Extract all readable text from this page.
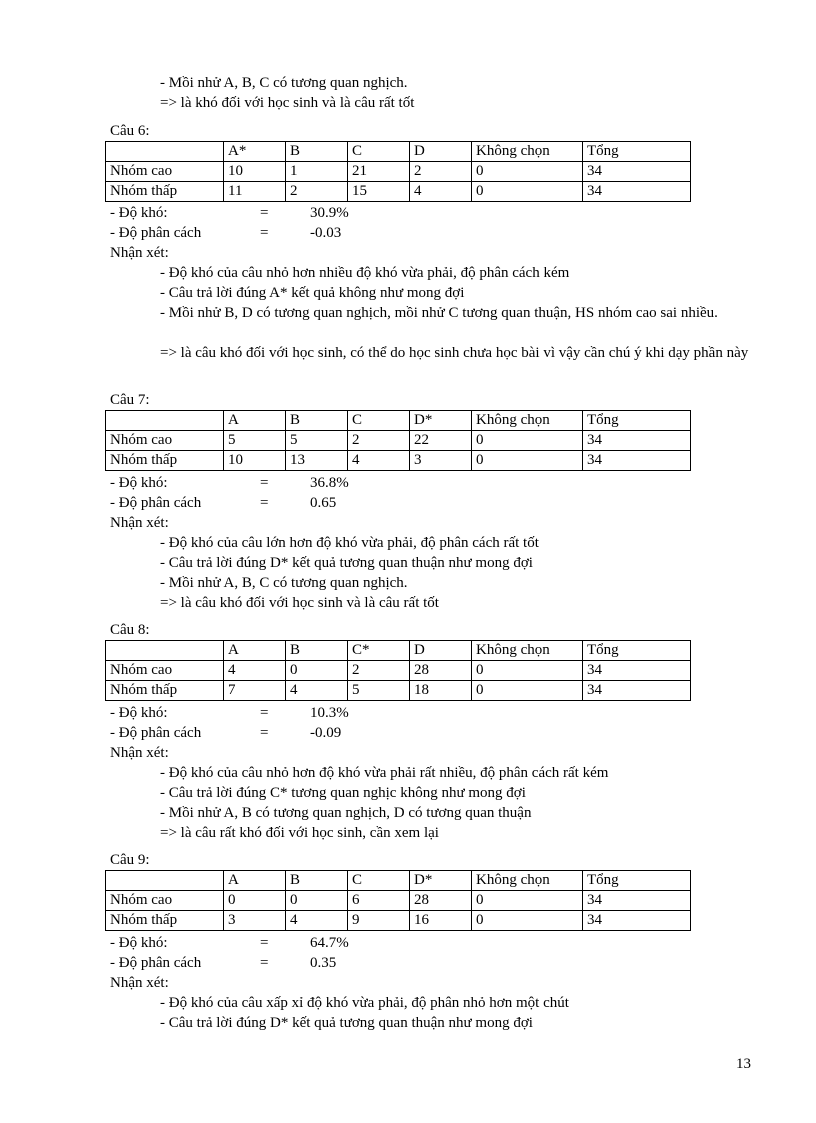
- Mồi nhử A, B, C có tương quan nghịch.
=> là khó đối với học sinh và là câu rất tốt
Câu 6:
	A*	B	C	D	Không chọn	Tổng
Nhóm cao	10	1	21	2	0	34
Nhóm thấp	11	2	15	4	0	34
- Độ khó:	=	30.9%
- Độ phân cách	=	-0.03
Nhận xét:
- Độ khó của câu nhỏ hơn nhiều độ khó vừa phải, độ phân cách kém
- Câu trả lời đúng A* kết quả không như mong đợi
- Mồi nhử B, D có tương quan nghịch, mồi nhử C tương quan thuận, HS nhóm cao sai nhiều.
=> là câu khó đối với học sinh, có thể do học sinh chưa học bài vì vậy cần chú ý khi dạy phần này
Câu 7:
	A	B	C	D*	Không chọn	Tổng
Nhóm cao	5	5	2	22	0	34
Nhóm thấp	10	13	4	3	0	34
- Độ khó:	=	36.8%
- Độ phân cách	=	0.65
Nhận xét:
- Độ khó của câu lớn hơn độ khó vừa phải, độ phân cách rất tốt
- Câu trả lời đúng D* kết quả tương quan thuận như mong đợi
- Mồi nhử A, B, C có tương quan nghịch.
=> là câu khó đối với học sinh và là câu rất tốt
Câu 8:
	A	B	C*	D	Không chọn	Tổng
Nhóm cao	4	0	2	28	0	34
Nhóm thấp	7	4	5	18	0	34
- Độ khó:	=	10.3%
- Độ phân cách	=	-0.09
Nhận xét:
- Độ khó của câu nhỏ hơn độ khó vừa phải rất nhiều, độ phân cách rất kém
- Câu trả lời đúng C* tương quan nghịc không như mong đợi
- Mồi nhử A, B có tương quan nghịch, D có tương quan thuận
=> là câu rất khó đối với học sinh, cần xem lại
Câu 9:
	A	B	C	D*	Không chọn	Tổng
Nhóm cao	0	0	6	28	0	34
Nhóm thấp	3	4	9	16	0	34
- Độ khó:	=	64.7%
- Độ phân cách	=	0.35
Nhận xét:
- Độ khó của câu xấp xỉ độ khó vừa phải, độ phân nhỏ hơn một chút
- Câu trả lời đúng D* kết quả tương quan thuận như mong đợi
13
